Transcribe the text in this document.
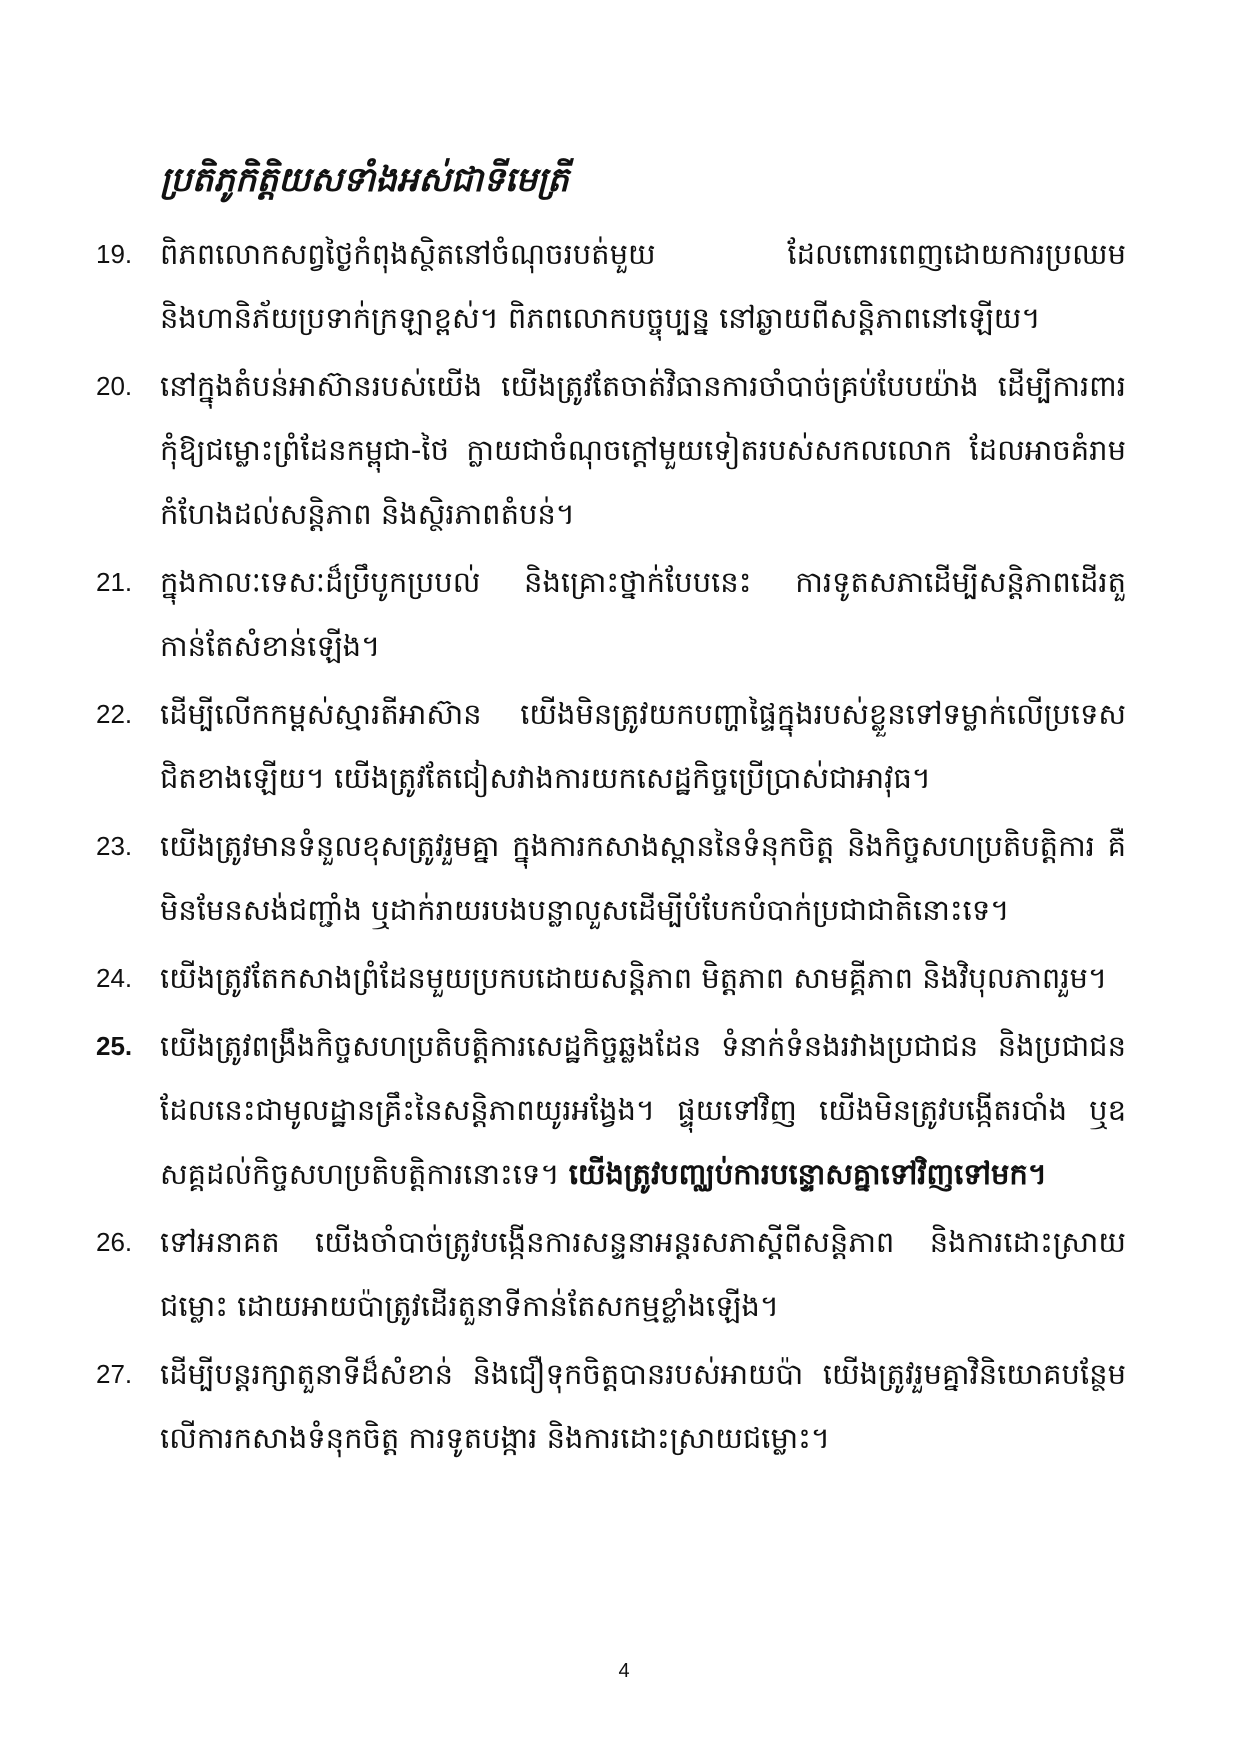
ប្រតិភូកិត្តិយសទាំងអស់ជាទីមេត្រី
19. ពិភពលោកសព្វថ្ងៃកំពុងស្ថិតនៅចំណុចរបត់មួយ ដែលពោរពេញដោយការប្រឈម និងហានិភ័យប្រទាក់ក្រឡាខ្ពស់។ ពិភពលោកបច្ចុប្បន្ន នៅឆ្ងាយពីសន្តិភាពនៅឡើយ។
20. នៅក្នុងតំបន់អាស៊ានរបស់យើង យើងត្រូវតែចាត់វិធានការចាំបាច់គ្រប់បែបយ៉ាង ដើម្បីការពារកុំឱ្យជម្លោះព្រំដែនកម្ពុជា-ថៃ ក្លាយជាចំណុចក្តៅមួយទៀតរបស់សកលលោក ដែលអាចគំរាមកំហែងដល់សន្តិភាព និងស្ថិរភាពតំបន់។
21. ក្នុងកាលៈទេសៈដ៏ប្រឹបូកប្របល់ និងគ្រោះថ្នាក់បែបនេះ ការទូតសភាដើម្បីសន្តិភាពដើរតួកាន់តែសំខាន់ឡើង។
22. ដើម្បីលើកកម្ពស់ស្មារតីអាស៊ាន យើងមិនត្រូវយកបញ្ហាផ្ទៃក្នុងរបស់ខ្លួនទៅទម្លាក់លើប្រទេសជិតខាងឡើយ។ យើងត្រូវតែជៀសវាងការយកសេដ្ឋកិច្ចប្រើប្រាស់ជាអាវុធ។
23. យើងត្រូវមានទំនួលខុសត្រូវរួមគ្នា ក្នុងការកសាងស្ពាននៃទំនុកចិត្ត និងកិច្ចសហប្រតិបត្តិការ គឺមិនមែនសង់ជញ្ជាំង ឬដាក់រាយរបងបន្លាលួសដើម្បីបំបែកបំបាក់ប្រជាជាតិនោះទេ។
24. យើងត្រូវតែកសាងព្រំដែនមួយប្រកបដោយសន្តិភាព មិត្តភាព សាមគ្គីភាព និងវិបុលភាពរួម។
25. យើងត្រូវពង្រឹងកិច្ចសហប្រតិបត្តិការសេដ្ឋកិច្ចឆ្លងដែន ទំនាក់ទំនងរវាងប្រជាជន និងប្រជាជន ដែលនេះជាមូលដ្ឋានគ្រឹះនៃសន្តិភាពយូរអង្វែង។ ផ្ទុយទៅវិញ យើងមិនត្រូវបង្កើតរបាំង ឬឧសគ្គដល់កិច្ចសហប្រតិបត្តិការនោះទេ។ យើងត្រូវបញ្ឈប់ការបន្ទោសគ្នាទៅវិញទៅមក។
26. ទៅអនាគត យើងចាំបាច់ត្រូវបង្កើនការសន្ទនាអន្តរសភាស្តីពីសន្តិភាព និងការដោះស្រាយជម្លោះ ដោយអាយប៉ាត្រូវដើរតួនាទីកាន់តែសកម្មខ្លាំងឡើង។
27. ដើម្បីបន្តរក្សាតួនាទីដ៏សំខាន់ និងជឿទុកចិត្តបានរបស់អាយប៉ា យើងត្រូវរួមគ្នាវិនិយោគបន្ថែមលើការកសាងទំនុកចិត្ត ការទូតបង្ការ និងការដោះស្រាយជម្លោះ។
4
